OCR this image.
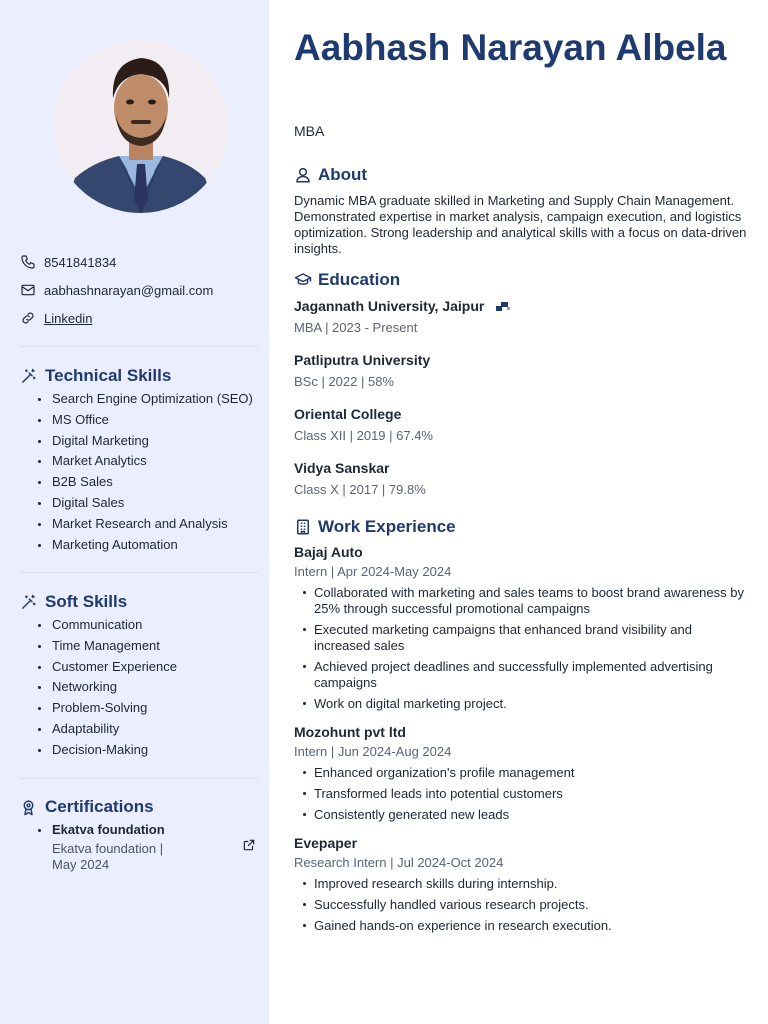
8541841834
aabhashnarayan@gmail.com
Linkedin
Technical Skills
Search Engine Optimization (SEO)
MS Office
Digital Marketing
Market Analytics
B2B Sales
Digital Sales
Market Research and Analysis
Marketing Automation
Soft Skills
Communication
Time Management
Customer Experience
Networking
Problem-Solving
Adaptability
Decision-Making
Certifications
Ekatva foundation
Ekatva foundation | May 2024
Aabhash Narayan Albela
MBA
About

Dynamic MBA graduate skilled in Marketing and Supply Chain Management. Demonstrated expertise in market analysis, campaign execution, and logistics optimization. Strong leadership and analytical skills with a focus on data-driven insights.

Education
Jagannath University, Jaipur
MBA | 2023 - Present
Patliputra University
BSc | 2022 | 58%
Oriental College
Class XII | 2019 | 67.4%
Vidya Sanskar
Class X | 2017 | 79.8%
Work Experience
Bajaj Auto
Intern | Apr 2024-May 2024
Collaborated with marketing and sales teams to boost brand awareness by 25% through successful promotional campaigns
Executed marketing campaigns that enhanced brand visibility and increased sales
Achieved project deadlines and successfully implemented advertising campaigns
Work on digital marketing project.
Mozohunt pvt ltd
Intern | Jun 2024-Aug 2024
Enhanced organization's profile management
Transformed leads into potential customers
Consistently generated new leads
Evepaper
Research Intern | Jul 2024-Oct 2024
Improved research skills during internship.
Successfully handled various research projects.
Gained hands-on experience in research execution.
